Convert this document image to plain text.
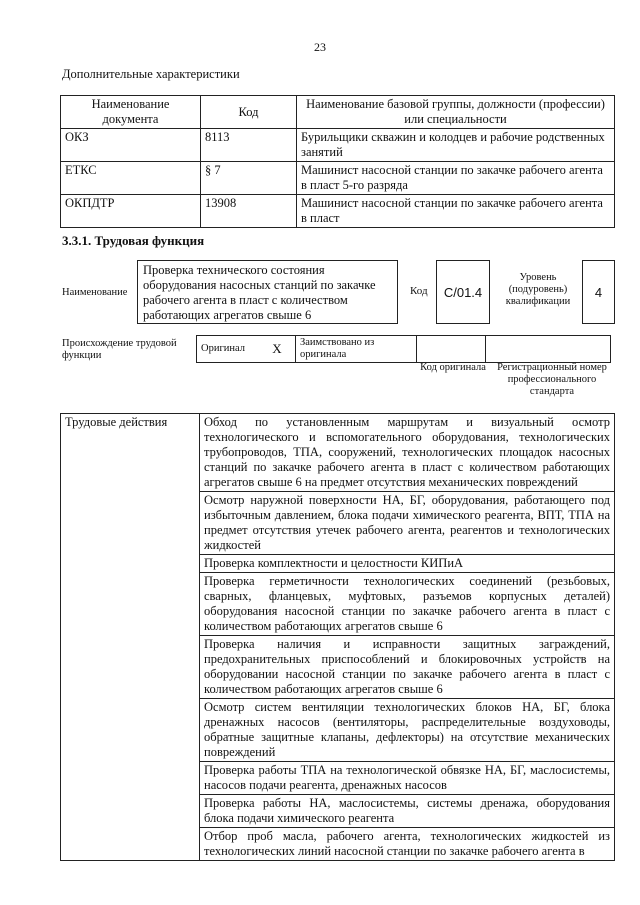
23
Дополнительные характеристики
Наименование документа	Код	Наименование базовой группы, должности (профессии) или специальности
ОКЗ	8113	Бурильщики скважин и колодцев и рабочие родственных занятий
ЕТКС	§ 7	Машинист насосной станции по закачке рабочего агента в пласт 5-го разряда
ОКПДТР	13908	Машинист насосной станции по закачке рабочего агента в пласт
3.3.1. Трудовая функция
Наименование
Проверка технического состояния оборудования насосных станций по закачке рабочего агента в пласт с количеством работающих агрегатов свыше 6
Код	C/01.4
Уровень (подуровень) квалификации
4
Происхождение трудовой функции
Оригинал	X	Заимствовано из оригинала		
Код оригинала	Регистрационный номер профессионального стандарта
Трудовые действия	Обход по установленным маршрутам и визуальный осмотр технологического и вспомогательного оборудования, технологических трубопроводов, ТПА, сооружений, технологических площадок насосных станций по закачке рабочего агента в пласт с количеством работающих агрегатов свыше 6 на предмет отсутствия механических повреждений
Осмотр наружной поверхности НА, БГ, оборудования, работающего под избыточным давлением, блока подачи химического реагента, ВПТ, ТПА на предмет отсутствия утечек рабочего агента, реагентов и технологических жидкостей
Проверка комплектности и целостности КИПиА
Проверка герметичности технологических соединений (резьбовых, сварных, фланцевых, муфтовых, разъемов корпусных деталей) оборудования насосной станции по закачке рабочего агента в пласт с количеством работающих агрегатов свыше 6
Проверка наличия и исправности защитных заграждений, предохранительных приспособлений и блокировочных устройств на оборудовании насосной станции по закачке рабочего агента в пласт с количеством работающих агрегатов свыше 6
Осмотр систем вентиляции технологических блоков НА, БГ, блока дренажных насосов (вентиляторы, распределительные воздуховоды, обратные защитные клапаны, дефлекторы) на отсутствие механических повреждений
Проверка работы ТПА на технологической обвязке НА, БГ, маслосистемы, насосов подачи реагента, дренажных насосов
Проверка работы НА, маслосистемы, системы дренажа, оборудования блока подачи химического реагента
Отбор проб масла, рабочего агента, технологических жидкостей из технологических линий насосной станции по закачке рабочего агента в
